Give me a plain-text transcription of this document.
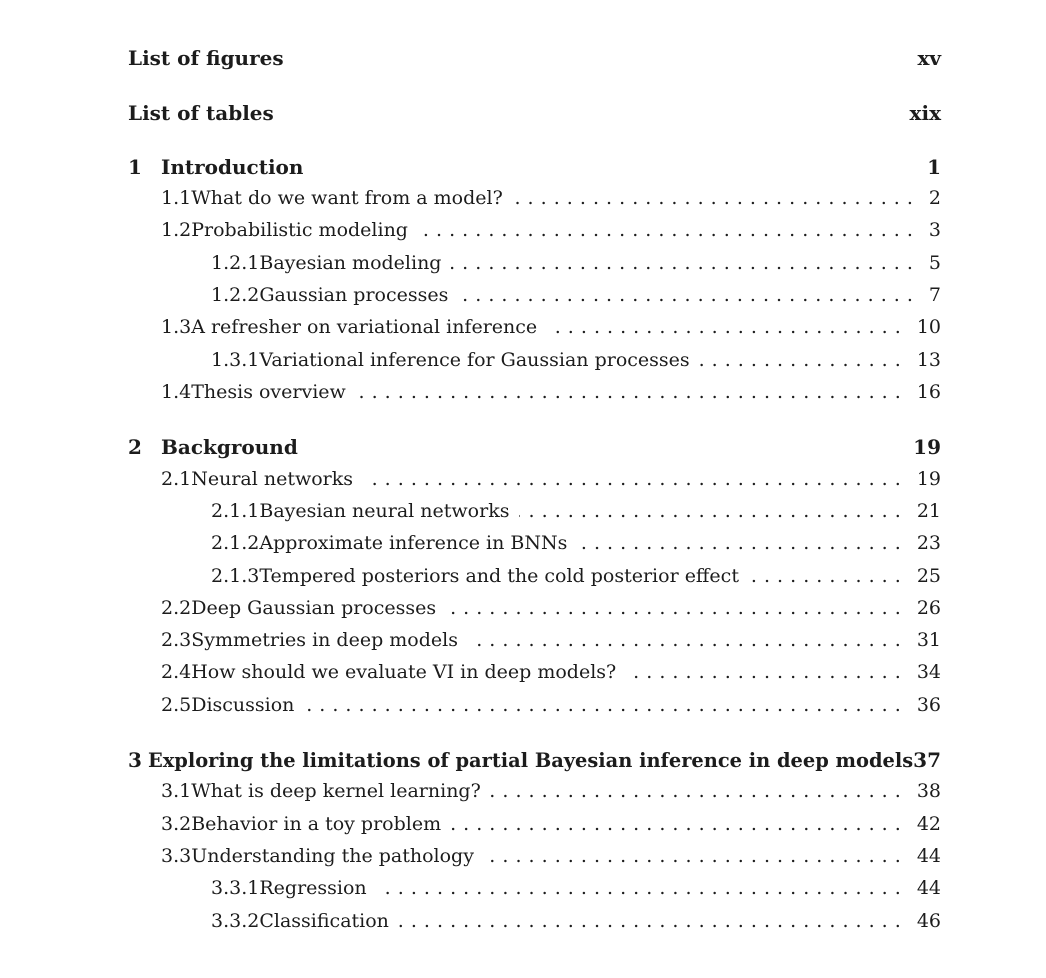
List of figures	xv
List of tables	xix
1 Introduction	1
1.1 What do we want from a model? . . .	2
1.2 Probabilistic modeling . . .	3
1.2.1 Bayesian modeling . . .	5
1.2.2 Gaussian processes . . .	7
1.3 A refresher on variational inference . . .	10
1.3.1 Variational inference for Gaussian processes . . .	13
1.4 Thesis overview . . .	16
2 Background	19
2.1 Neural networks . . .	19
2.1.1 Bayesian neural networks . . .	21
2.1.2 Approximate inference in BNNs . . .	23
2.1.3 Tempered posteriors and the cold posterior effect . . .	25
2.2 Deep Gaussian processes . . .	26
2.3 Symmetries in deep models . . .	31
2.4 How should we evaluate VI in deep models? . . .	34
2.5 Discussion . . .	36
3 Exploring the limitations of partial Bayesian inference in deep models 37
3.1 What is deep kernel learning? . . .	38
3.2 Behavior in a toy problem . . .	42
3.3 Understanding the pathology . . .	44
3.3.1 Regression . . .	44
3.3.2 Classification . . .	46
